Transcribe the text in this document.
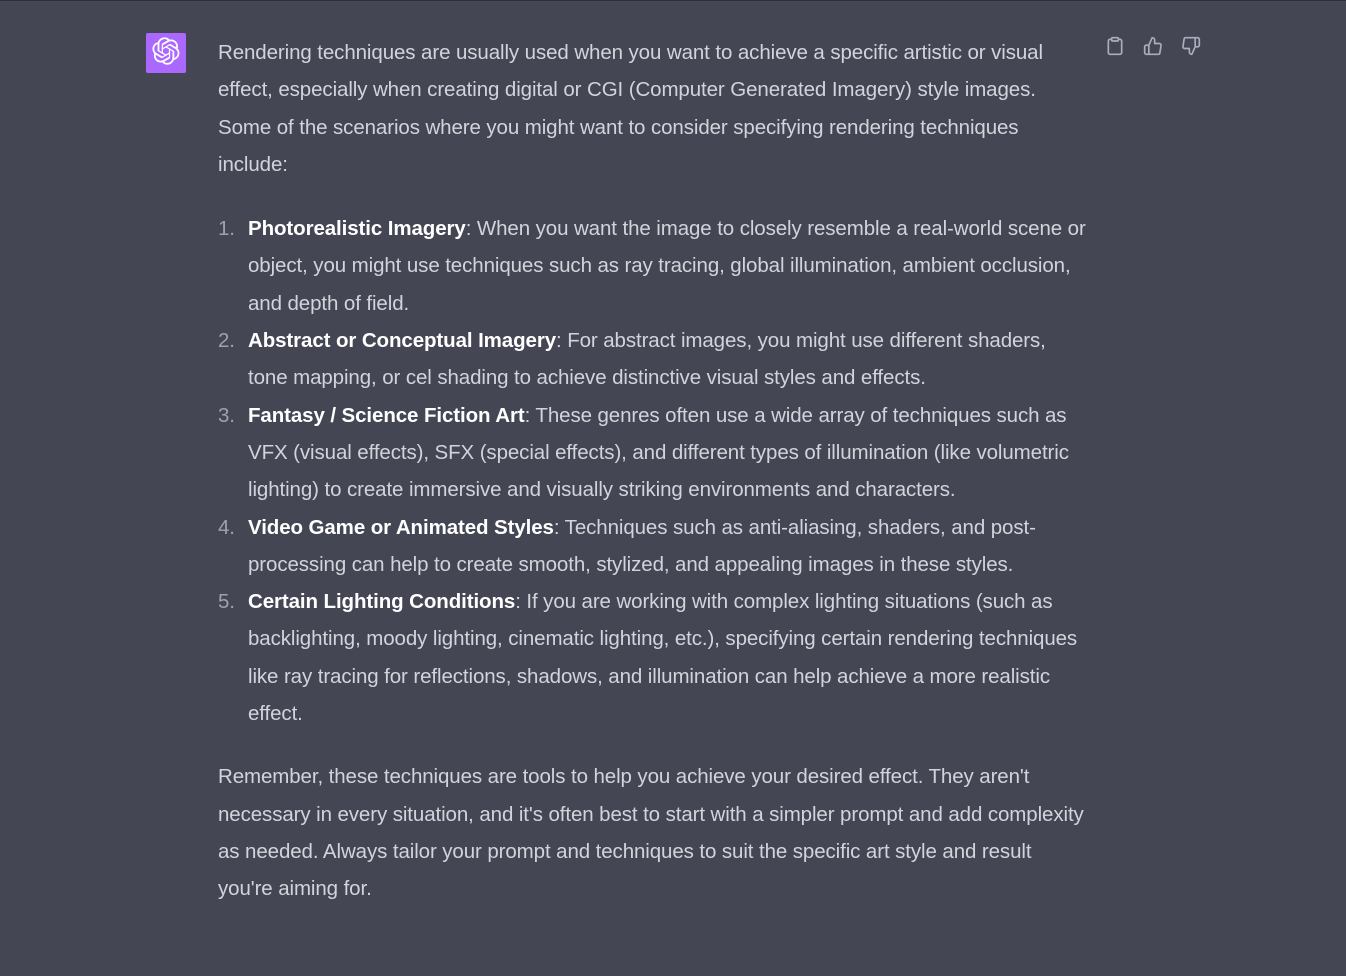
Rendering techniques are usually used when you want to achieve a specific artistic or visual effect, especially when creating digital or CGI (Computer Generated Imagery) style images. Some of the scenarios where you might want to consider specifying rendering techniques include:

1. Photorealistic Imagery: When you want the image to closely resemble a real-world scene or object, you might use techniques such as ray tracing, global illumination, ambient occlusion, and depth of field.
2. Abstract or Conceptual Imagery: For abstract images, you might use different shaders, tone mapping, or cel shading to achieve distinctive visual styles and effects.
3. Fantasy / Science Fiction Art: These genres often use a wide array of techniques such as VFX (visual effects), SFX (special effects), and different types of illumination (like volumetric lighting) to create immersive and visually striking environments and characters.
4. Video Game or Animated Styles: Techniques such as anti-aliasing, shaders, and post-processing can help to create smooth, stylized, and appealing images in these styles.
5. Certain Lighting Conditions: If you are working with complex lighting situations (such as backlighting, moody lighting, cinematic lighting, etc.), specifying certain rendering techniques like ray tracing for reflections, shadows, and illumination can help achieve a more realistic effect.

Remember, these techniques are tools to help you achieve your desired effect. They aren't necessary in every situation, and it's often best to start with a simpler prompt and add complexity as needed. Always tailor your prompt and techniques to suit the specific art style and result you're aiming for.
